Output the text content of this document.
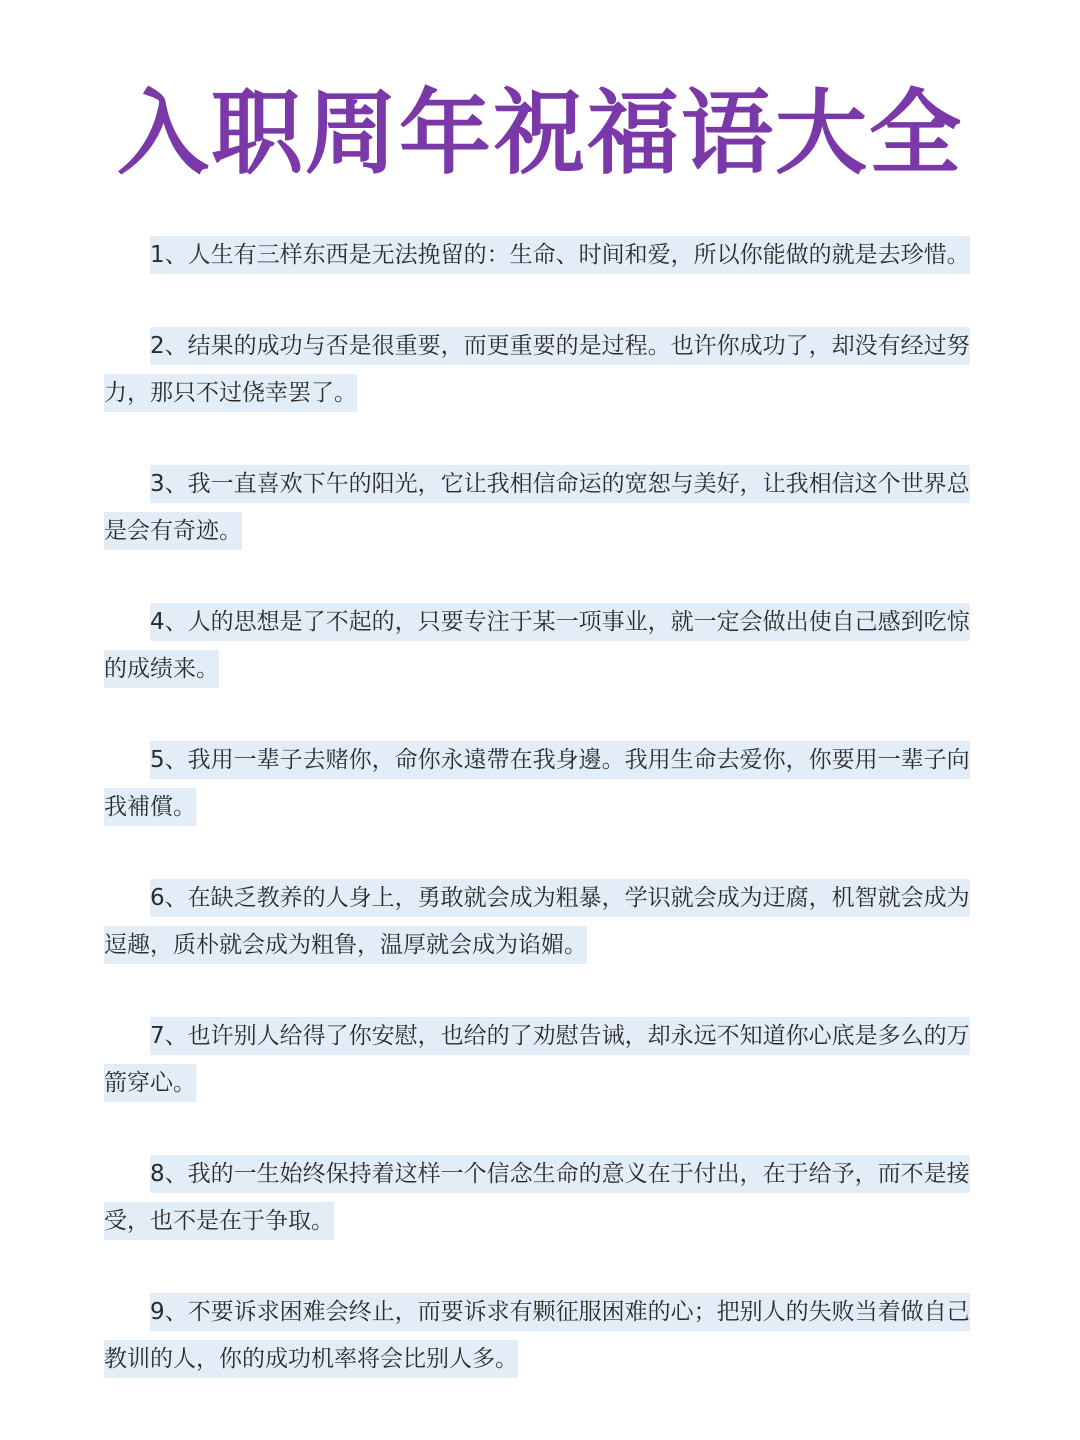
入职周年祝福语大全

1、人生有三样东西是无法挽留的：生命、时间和爱，所以你能做的就是去珍惜。

2、结果的成功与否是很重要，而更重要的是过程。也许你成功了，却没有经过努力，那只不过侥幸罢了。

3、我一直喜欢下午的阳光，它让我相信命运的宽恕与美好，让我相信这个世界总是会有奇迹。

4、人的思想是了不起的，只要专注于某一项事业，就一定会做出使自己感到吃惊的成绩来。

5、我用一辈子去赌你，命你永遠帶在我身邊。我用生命去爱你，你要用一辈子向我補償。

6、在缺乏教养的人身上，勇敢就会成为粗暴，学识就会成为迂腐，机智就会成为逗趣，质朴就会成为粗鲁，温厚就会成为谄媚。

7、也许别人给得了你安慰，也给的了劝慰告诫，却永远不知道你心底是多么的万箭穿心。

8、我的一生始终保持着这样一个信念生命的意义在于付出，在于给予，而不是接受，也不是在于争取。

9、不要诉求困难会终止，而要诉求有颗征服困难的心；把别人的失败当着做自己教训的人，你的成功机率将会比别人多。
